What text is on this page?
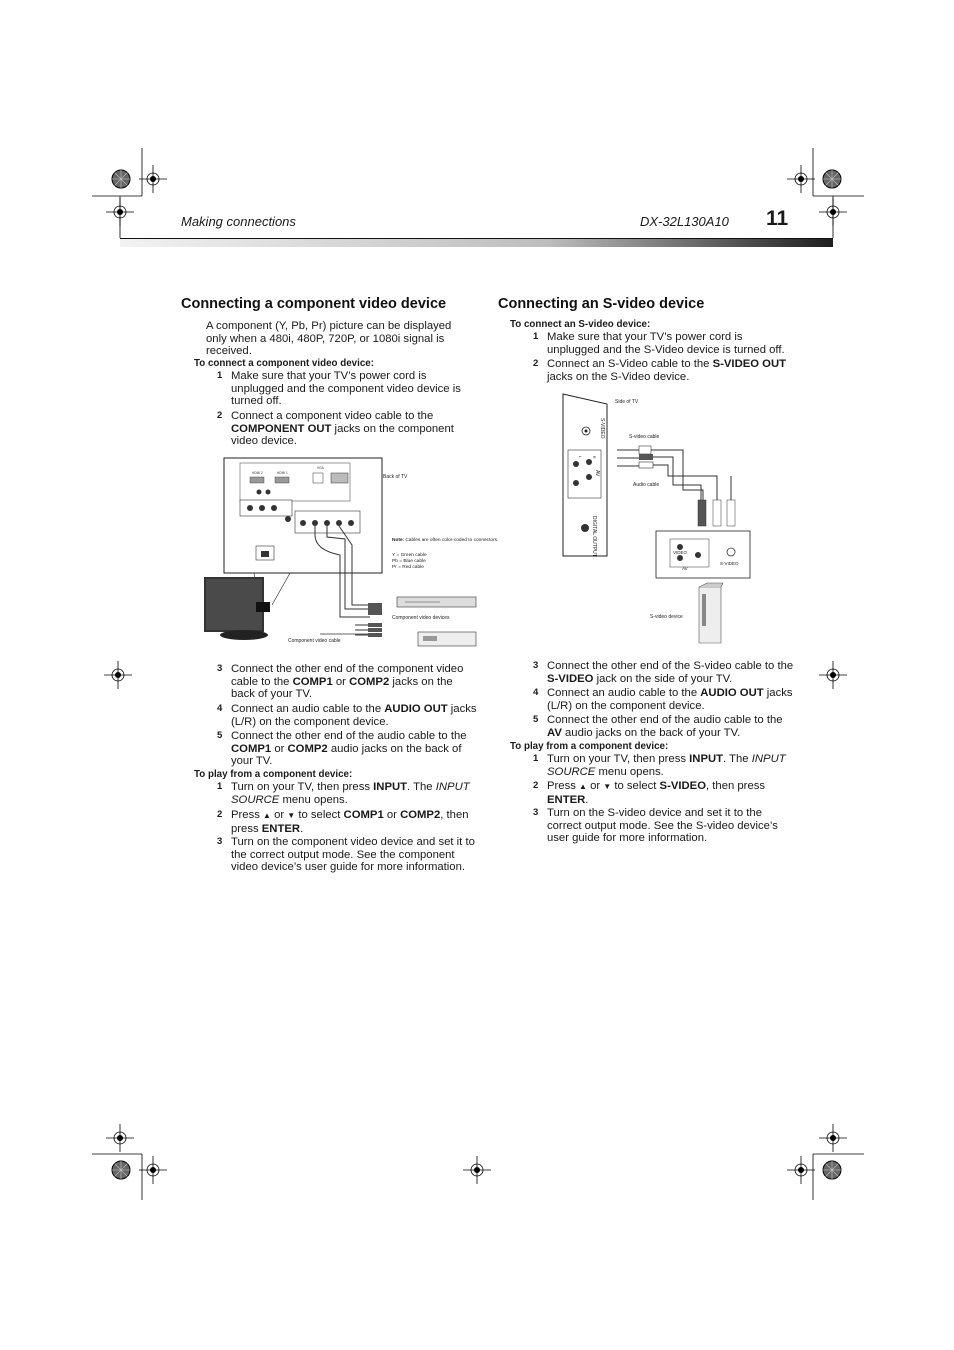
Making connections	DX-32L130A10 11
Connecting a component video device
A component (Y, Pb, Pr) picture can be displayed only when a 480i, 480P, 720P, or 1080i signal is received.
To connect a component video device:
1 Make sure that your TV’s power cord is unplugged and the component video device is turned off.
2 Connect a component video cable to the COMPONENT OUT jacks on the component video device.
HDMI 2	HDMI 1
VGA
Back of TV
Note: Cables are often color-coded to connectors.
Y = Green cable
Pb = Blue cable
Pr = Red cable
Component video devices
Component video cable
3 Connect the other end of the component video cable to the COMP1 or COMP2 jacks on the back of your TV.
4 Connect an audio cable to the AUDIO OUT jacks (L/R) on the component device.
5 Connect the other end of the audio cable to the COMP1 or COMP2 audio jacks on the back of your TV.
To play from a component device:
1 Turn on your TV, then press INPUT. The INPUT SOURCE menu opens.
2 Press ▲ or ▼ to select COMP1 or COMP2, then press ENTER.
3 Turn on the component video device and set it to the correct output mode. See the component video device’s user guide for more information.
Connecting an S-video device
To connect an S-video device:
1 Make sure that your TV’s power cord is unplugged and the S-Video device is turned off.
2 Connect an S-Video cable to the S-VIDEO OUT jacks on the S-Video device.
S-VIDEO
AV
R
L
DIGITAL OUTPUT	VIDEO
AV
S-VIDEO
Side of TV
S-video cable
Audio cable
S-video device
3 Connect the other end of the S-video cable to the S-VIDEO jack on the side of your TV.
4 Connect an audio cable to the AUDIO OUT jacks (L/R) on the component device.
5 Connect the other end of the audio cable to the AV audio jacks on the back of your TV.
To play from a component device:
1 Turn on your TV, then press INPUT. The INPUT SOURCE menu opens.
2 Press ▲ or ▼ to select S-VIDEO, then press ENTER.
3 Turn on the S-video device and set it to the correct output mode. See the S-video device’s user guide for more information.
